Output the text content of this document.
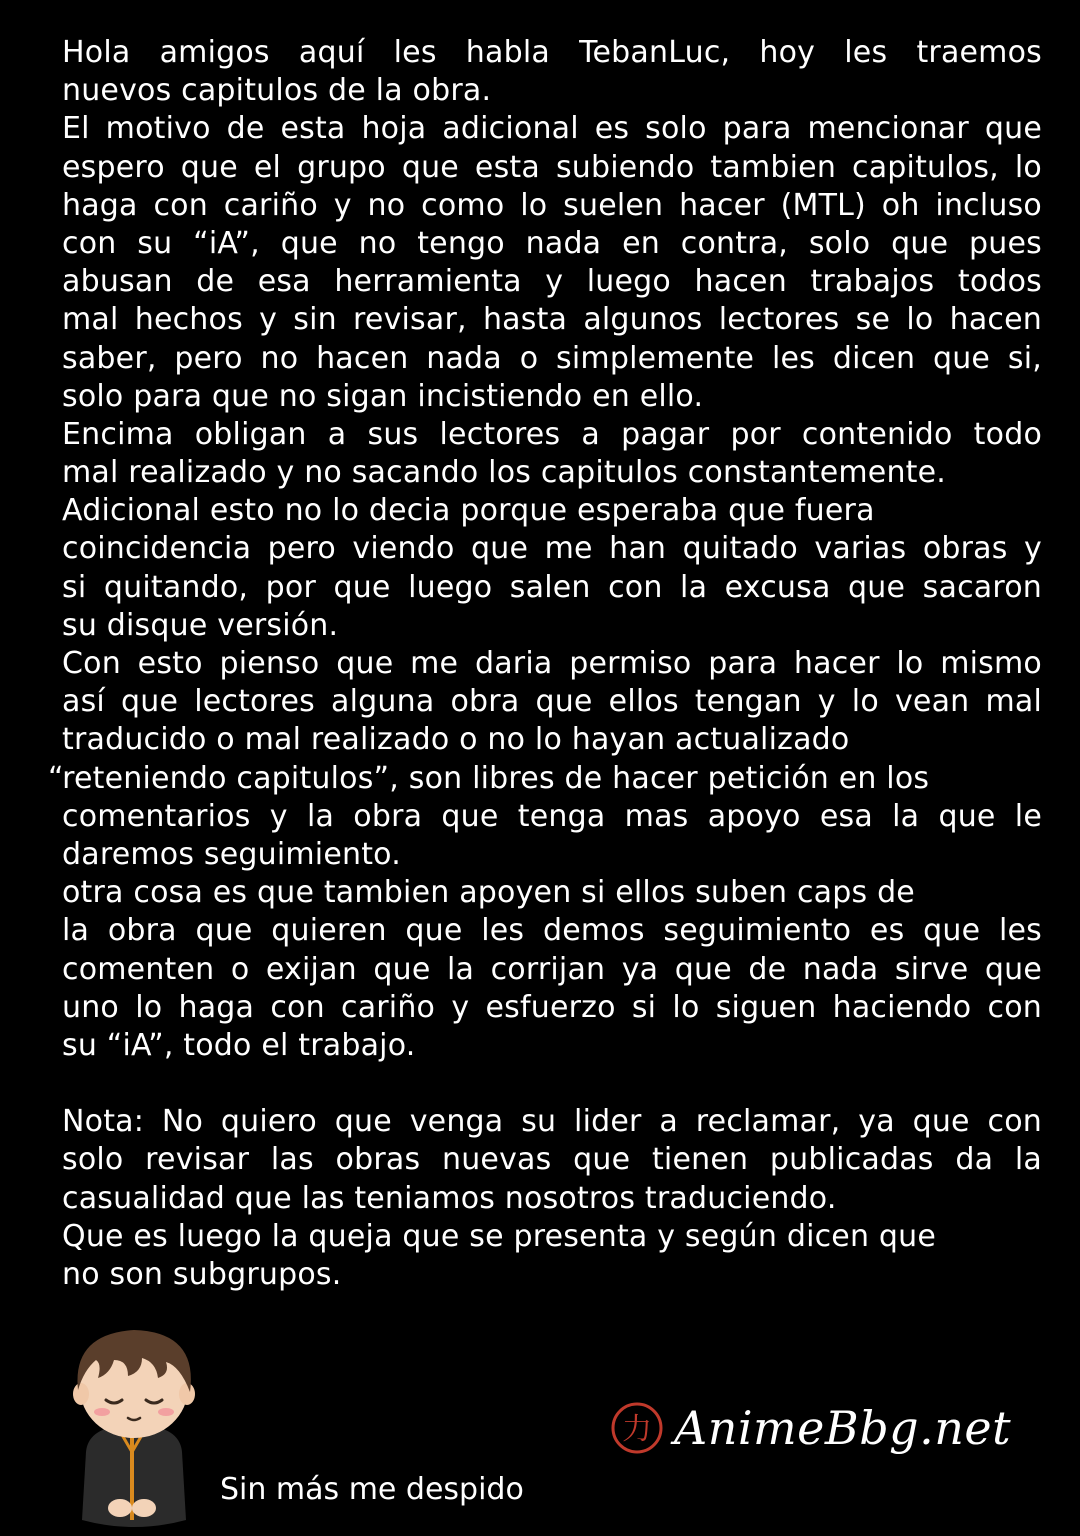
Hola amigos aquí les habla TebanLuc, hoy les traemos
nuevos capitulos de la obra.
El motivo de esta hoja adicional es solo para mencionar que
espero que el grupo que esta subiendo tambien capitulos, lo
haga con cariño y no como lo suelen hacer (MTL) oh incluso
con su “iA”, que no tengo nada en contra, solo que pues
abusan de esa herramienta y luego hacen trabajos todos
mal hechos y sin revisar, hasta algunos lectores se lo hacen
saber, pero no hacen nada o simplemente les dicen que si,
solo para que no sigan incistiendo en ello.
Encima obligan a sus lectores a pagar por contenido todo
mal realizado y no sacando los capitulos constantemente.
Adicional esto no lo decia porque esperaba que fuera
coincidencia pero viendo que me han quitado varias obras y
si quitando, por que luego salen con la excusa que sacaron
su disque versión.
Con esto pienso que me daria permiso para hacer lo mismo
así que lectores alguna obra que ellos tengan y lo vean mal
traducido o mal realizado o no lo hayan actualizado
“reteniendo capitulos”, son libres de hacer petición en los
comentarios y la obra que tenga mas apoyo esa la que le
daremos seguimiento.
otra cosa es que tambien apoyen si ellos suben caps de
la obra que quieren que les demos seguimiento es que les
comenten o exijan que la corrijan ya que de nada sirve que
uno lo haga con cariño y esfuerzo si lo siguen haciendo con
su “iA”, todo el trabajo.
Nota: No quiero que venga su lider a reclamar, ya que con
solo revisar las obras nuevas que tienen publicadas da la
casualidad que las teniamos nosotros traduciendo.
Que es luego la queja que se presenta y según dicen que
no son subgrupos.
Sin más me despido
力 AnimeBbg.net
